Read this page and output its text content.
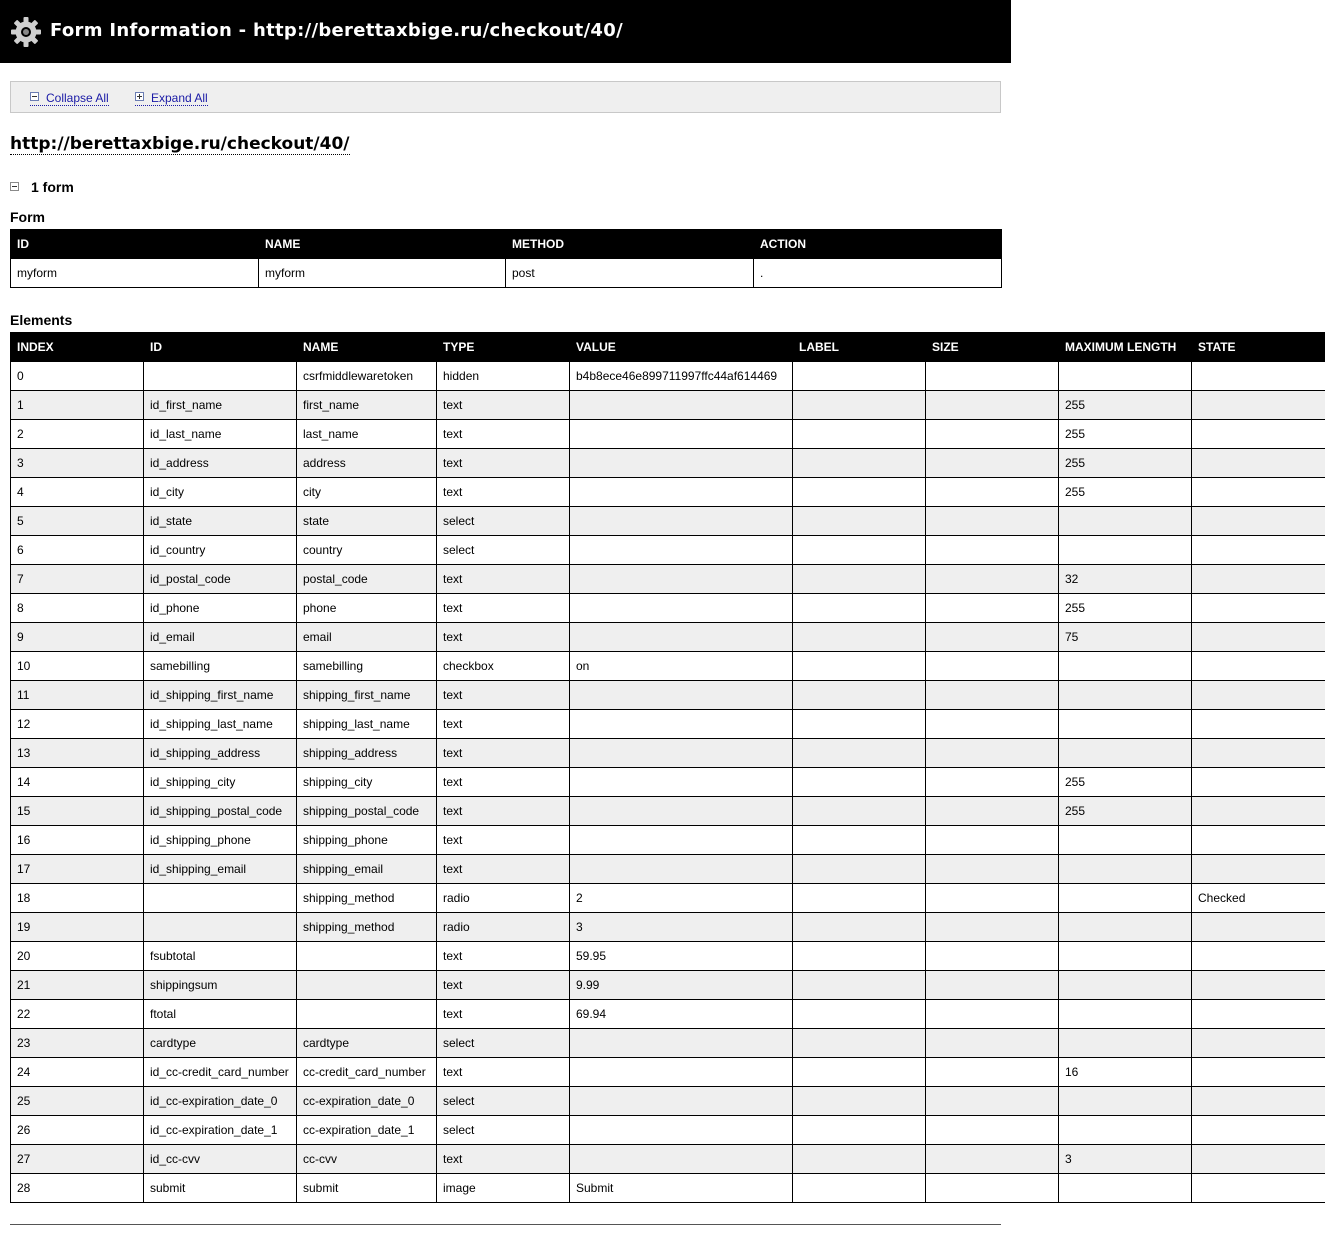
Form Information - http://berettaxbige.ru/checkout/40/
Collapse All	Expand All
http://berettaxbige.ru/checkout/40/
1 form
Form
ID	NAME	METHOD	ACTION
myform	myform	post	.
Elements
INDEX	ID	NAME	TYPE	VALUE	LABEL	SIZE	MAXIMUM LENGTH	STATE
0		csrfmiddlewaretoken	hidden	b4b8ece46e899711997ffc44af614469				
1	id_first_name	first_name	text				255	
2	id_last_name	last_name	text				255	
3	id_address	address	text				255	
4	id_city	city	text				255	
5	id_state	state	select					
6	id_country	country	select					
7	id_postal_code	postal_code	text				32	
8	id_phone	phone	text				255	
9	id_email	email	text				75	
10	samebilling	samebilling	checkbox	on				
11	id_shipping_first_name	shipping_first_name	text					
12	id_shipping_last_name	shipping_last_name	text					
13	id_shipping_address	shipping_address	text					
14	id_shipping_city	shipping_city	text				255	
15	id_shipping_postal_code	shipping_postal_code	text				255	
16	id_shipping_phone	shipping_phone	text					
17	id_shipping_email	shipping_email	text					
18		shipping_method	radio	2				Checked
19		shipping_method	radio	3				
20	fsubtotal		text	59.95				
21	shippingsum		text	9.99				
22	ftotal		text	69.94				
23	cardtype	cardtype	select					
24	id_cc-credit_card_number	cc-credit_card_number	text				16	
25	id_cc-expiration_date_0	cc-expiration_date_0	select					
26	id_cc-expiration_date_1	cc-expiration_date_1	select					
27	id_cc-cvv	cc-cvv	text				3	
28	submit	submit	image	Submit				
